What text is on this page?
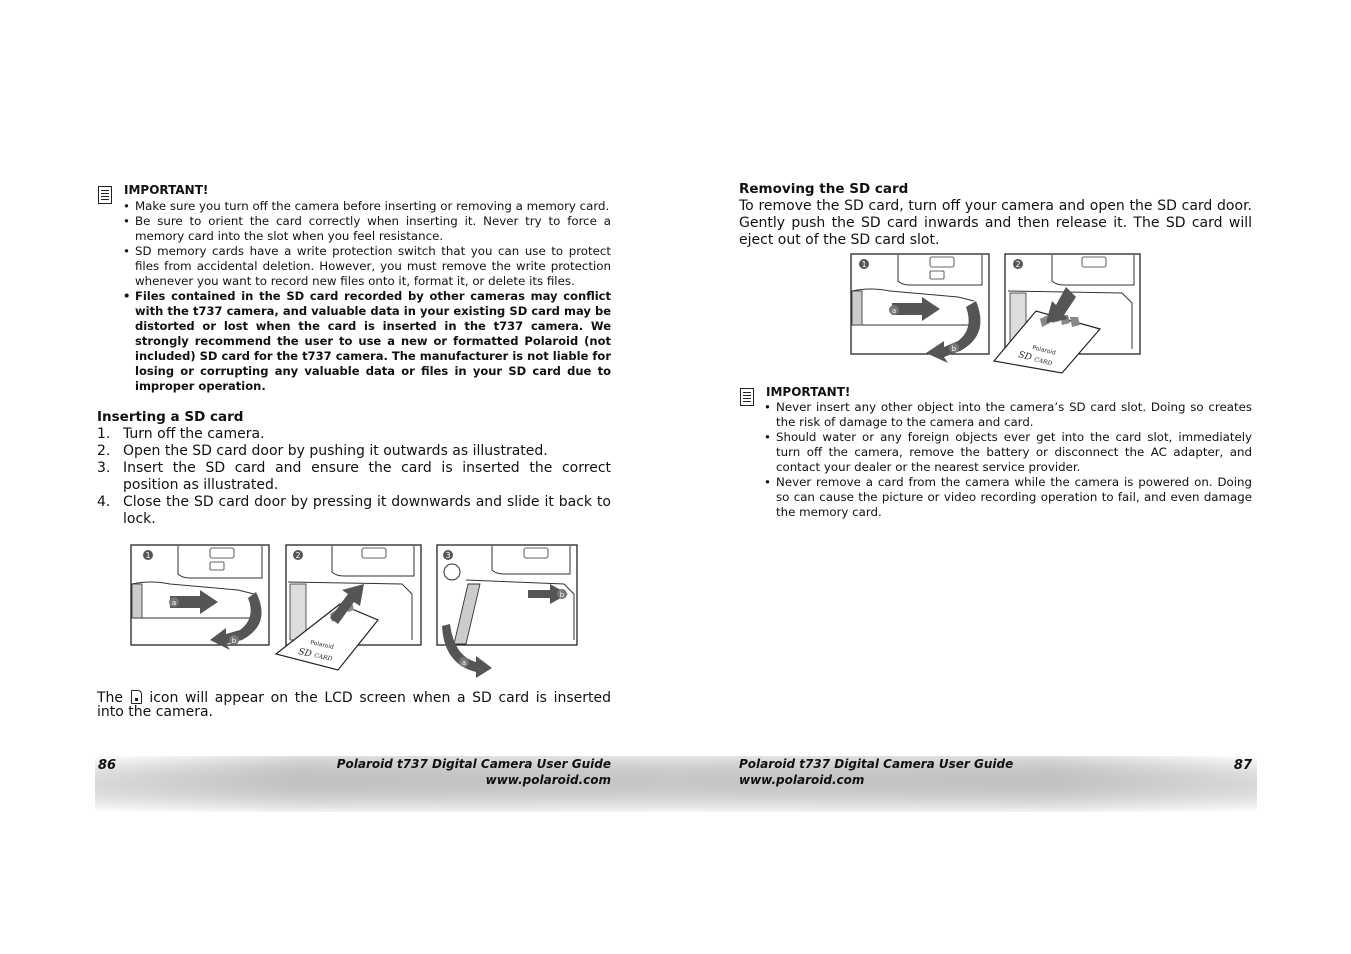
IMPORTANT!
• Make sure you turn off the camera before inserting or removing a memory card.
• Be sure to orient the card correctly when inserting it. Never try to force a memory card into the slot when you feel resistance.
• SD memory cards have a write protection switch that you can use to protect files from accidental deletion. However, you must remove the write protection whenever you want to record new files onto it, format it, or delete its files.
• Files contained in the SD card recorded by other cameras may conflict with the t737 camera, and valuable data in your existing SD card may be distorted or lost when the card is inserted in the t737 camera. We strongly recommend the user to use a new or formatted Polaroid (not included) SD card for the t737 camera. The manufacturer is not liable for losing or corrupting any valuable data or files in your SD card due to improper operation.
Inserting a SD card
1. Turn off the camera.
2. Open the SD card door by pushing it outwards as illustrated.
3. Insert the SD card and ensure the card is inserted the correct position as illustrated.
4. Close the SD card door by pressing it downwards and slide it back to lock.
1
a
b
2
Polaroid
SD CARD
3
a
b
The icon will appear on the LCD screen when a SD card is inserted into the camera.
86	Polaroid t737 Digital Camera User Guide
www.polaroid.com
Removing the SD card
To remove the SD card, turn off your camera and open the SD card door. Gently push the SD card inwards and then release it. The SD card will eject out of the SD card slot.
1
a
b
2
Polaroid
SD CARD
IMPORTANT!
• Never insert any other object into the camera’s SD card slot. Doing so creates the risk of damage to the camera and card.
• Should water or any foreign objects ever get into the card slot, immediately turn off the camera, remove the battery or disconnect the AC adapter, and contact your dealer or the nearest service provider.
• Never remove a card from the camera while the camera is powered on. Doing so can cause the picture or video recording operation to fail, and even damage the memory card.
Polaroid t737 Digital Camera User Guide
www.polaroid.com
87
